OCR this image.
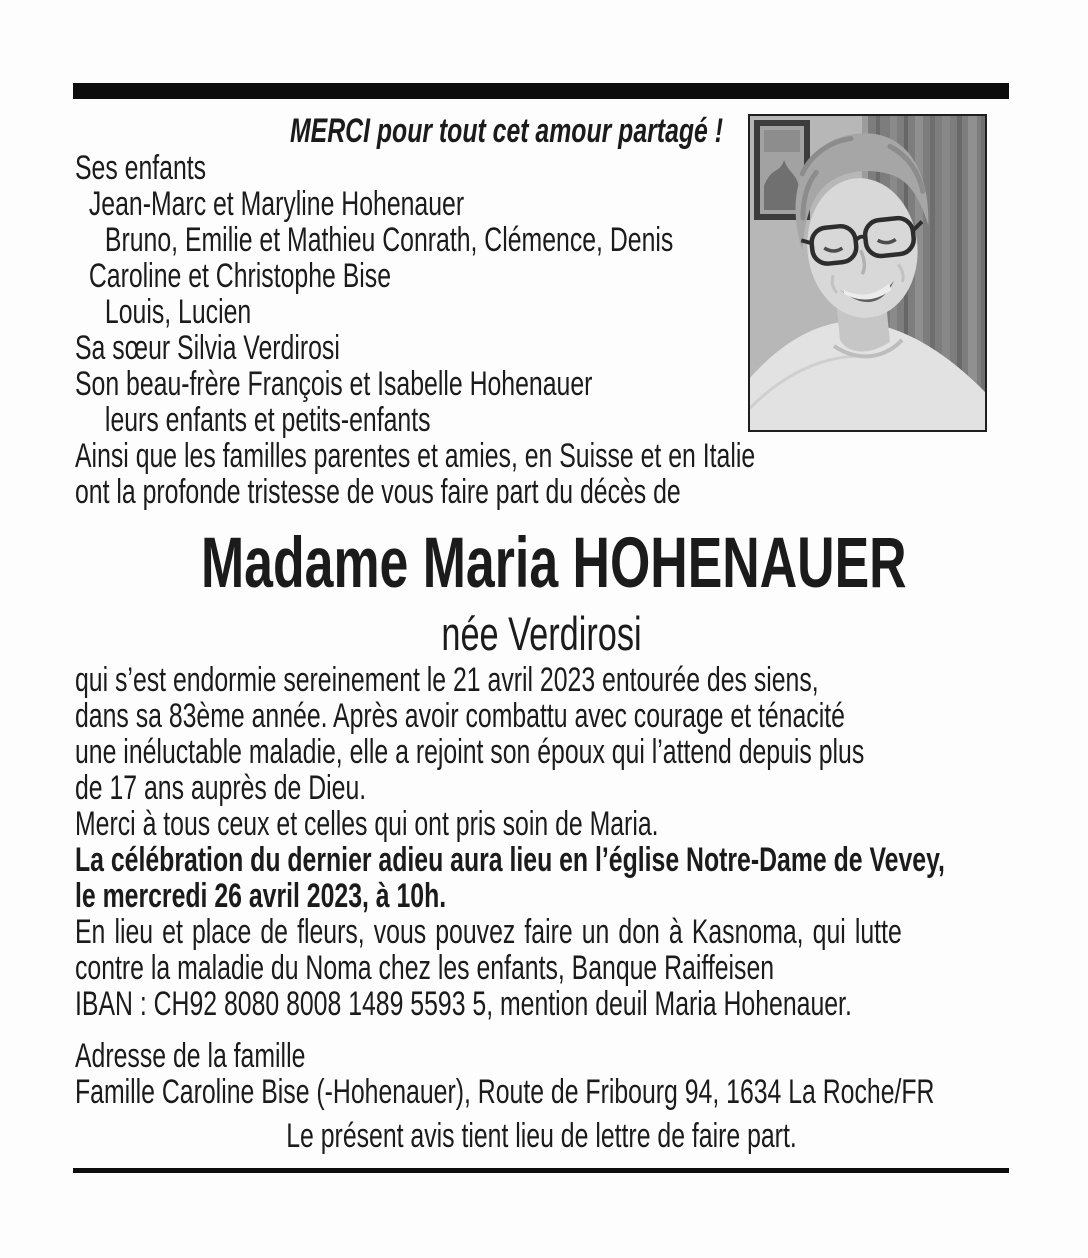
MERCI pour tout cet amour partagé !
Ses enfants
Jean-Marc et Maryline Hohenauer
Bruno, Emilie et Mathieu Conrath, Clémence, Denis
Caroline et Christophe Bise
Louis, Lucien
Sa sœur Silvia Verdirosi
Son beau-frère François et Isabelle Hohenauer
leurs enfants et petits-enfants
Ainsi que les familles parentes et amies, en Suisse et en Italie
ont la profonde tristesse de vous faire part du décès de
Madame Maria HOHENAUER
née Verdirosi
qui s’est endormie sereinement le 21 avril 2023 entourée des siens,
dans sa 83ème année. Après avoir combattu avec courage et ténacité
une inéluctable maladie, elle a rejoint son époux qui l’attend depuis plus
de 17 ans auprès de Dieu.
Merci à tous ceux et celles qui ont pris soin de Maria.
La célébration du dernier adieu aura lieu en l’église Notre-Dame de Vevey,
le mercredi 26 avril 2023, à 10h.
En lieu et place de fleurs, vous pouvez faire un don à Kasnoma, qui lutte
contre la maladie du Noma chez les enfants, Banque Raiffeisen
IBAN : CH92 8080 8008 1489 5593 5, mention deuil Maria Hohenauer.
Adresse de la famille
Famille Caroline Bise (-Hohenauer), Route de Fribourg 94, 1634 La Roche/FR
Le présent avis tient lieu de lettre de faire part.
